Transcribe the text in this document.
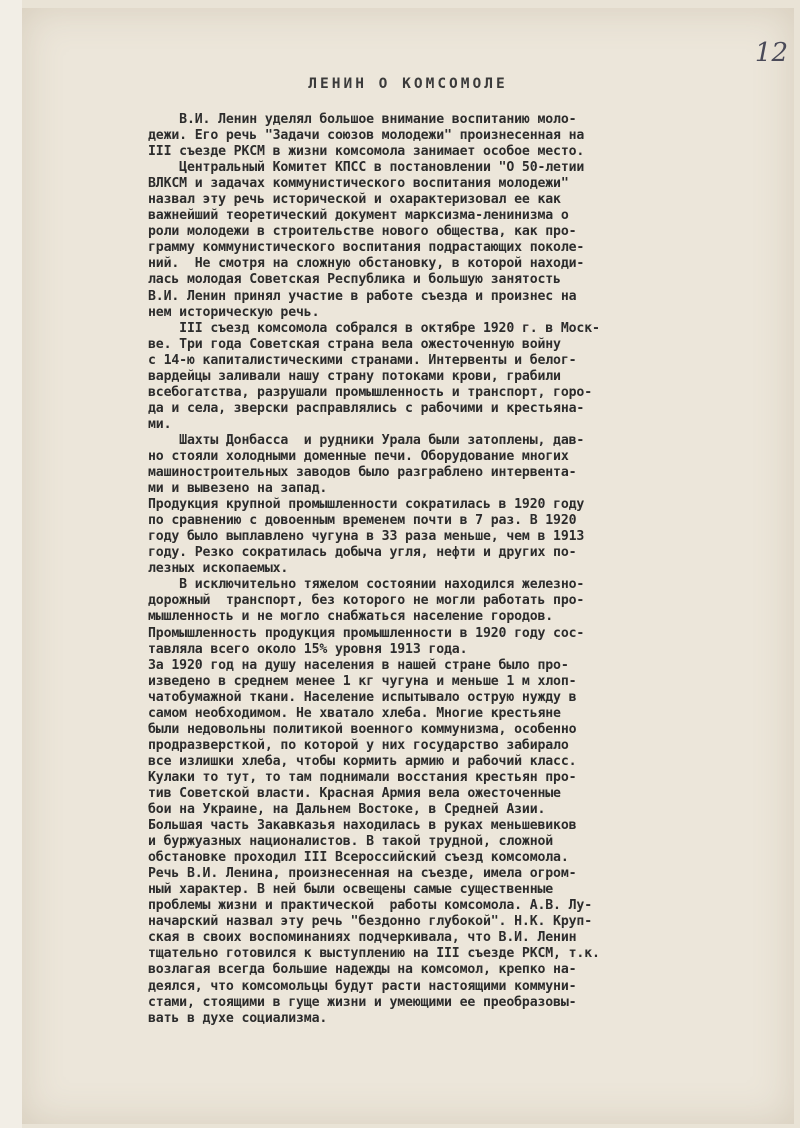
12
ЛЕНИН О КОМСОМОЛЕ
В.И. Ленин уделял большое внимание воспитанию моло-
дежи. Его речь "Задачи союзов молодежи" произнесенная на
III съезде РКСМ в жизни комсомола занимает особое место.
Центральный Комитет КПСС в постановлении "О 50-летии
ВЛКСМ и задачах коммунистического воспитания молодежи"
назвал эту речь исторической и охарактеризовал ее как
важнейший теоретический документ марксизма-ленинизма о
роли молодежи в строительстве нового общества, как про-
грамму коммунистического воспитания подрастающих поколе-
ний.  Не смотря на сложную обстановку, в которой находи-
лась молодая Советская Республика и большую занятость
В.И. Ленин принял участие в работе съезда и произнес на
нем историческую речь.
III съезд комсомола собрался в октябре 1920 г. в Моск-
ве. Три года Советская страна вела ожесточенную войну
с 14-ю капиталистическими странами. Интервенты и белог-
вардейцы заливали нашу страну потоками крови, грабили
всебогатства, разрушали промышленность и транспорт, горо-
да и села, зверски расправлялись с рабочими и крестьяна-
ми.
Шахты Донбасса  и рудники Урала были затоплены, дав-
но стояли холодными доменные печи. Оборудование многих
машиностроительных заводов было разграблено интервента-
ми и вывезено на запад.
Продукция крупной промышленности сократилась в 1920 году
по сравнению с довоенным временем почти в 7 раз. В 1920
году было выплавлено чугуна в 33 раза меньше, чем в 1913
году. Резко сократилась добыча угля, нефти и других по-
лезных ископаемых.
В исключительно тяжелом состоянии находился железно-
дорожный  транспорт, без которого не могли работать про-
мышленность и не могло снабжаться население городов.
Промышленность продукция промышленности в 1920 году сос-
тавляла всего около 15% уровня 1913 года.
За 1920 год на душу населения в нашей стране было про-
изведено в среднем менее 1 кг чугуна и меньше 1 м хлоп-
чатобумажной ткани. Население испытывало острую нужду в
самом необходимом. Не хватало хлеба. Многие крестьяне
были недовольны политикой военного коммунизма, особенно
продразверсткой, по которой у них государство забирало
все излишки хлеба, чтобы кормить армию и рабочий класс.
Кулаки то тут, то там поднимали восстания крестьян про-
тив Советской власти. Красная Армия вела ожесточенные
бои на Украине, на Дальнем Востоке, в Средней Азии.
Большая часть Закавказья находилась в руках меньшевиков
и буржуазных националистов. В такой трудной, сложной
обстановке проходил III Всероссийский съезд комсомола.
Речь В.И. Ленина, произнесенная на съезде, имела огром-
ный характер. В ней были освещены самые существенные
проблемы жизни и практической  работы комсомола. А.В. Лу-
начарский назвал эту речь "бездонно глубокой". Н.К. Круп-
ская в своих воспоминаниях подчеркивала, что В.И. Ленин
тщательно готовился к выступлению на III съезде РКСМ, т.к.
возлагая всегда большие надежды на комсомол, крепко на-
деялся, что комсомольцы будут расти настоящими коммуни-
стами, стоящими в гуще жизни и умеющими ее преобразовы-
вать в духе социализма.
